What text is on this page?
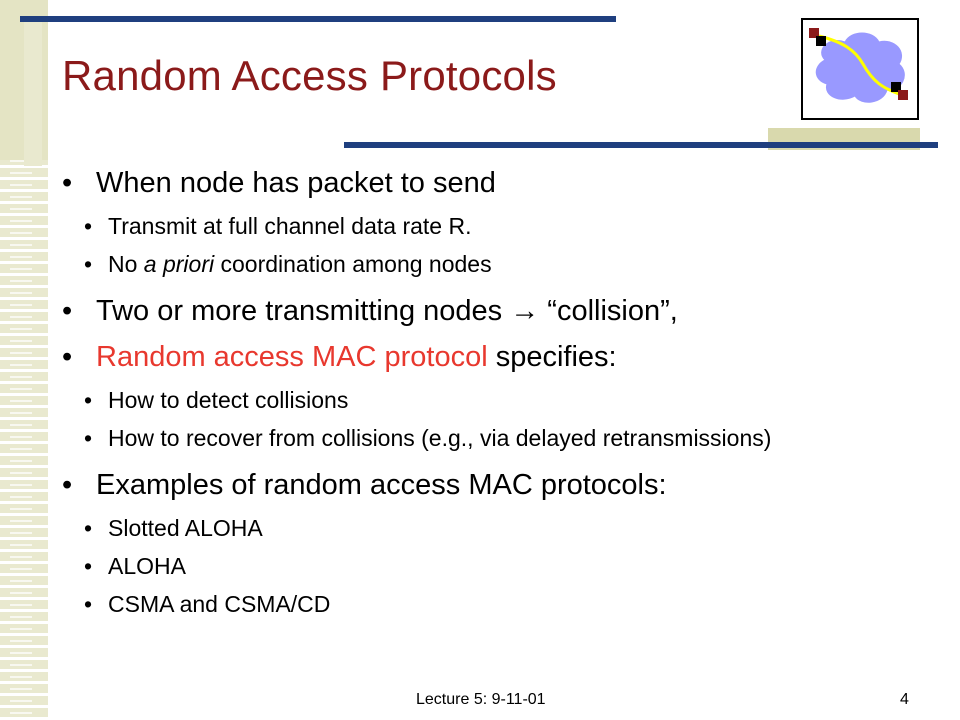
Random Access Protocols
• When node has packet to send
• Transmit at full channel data rate R.
• No a priori coordination among nodes
• Two or more transmitting nodes → “collision”,
• Random access MAC protocol specifies:
• How to detect collisions
• How to recover from collisions (e.g., via delayed retransmissions)
• Examples of random access MAC protocols:
• Slotted ALOHA
• ALOHA
• CSMA and CSMA/CD
Lecture 5: 9-11-01	4
